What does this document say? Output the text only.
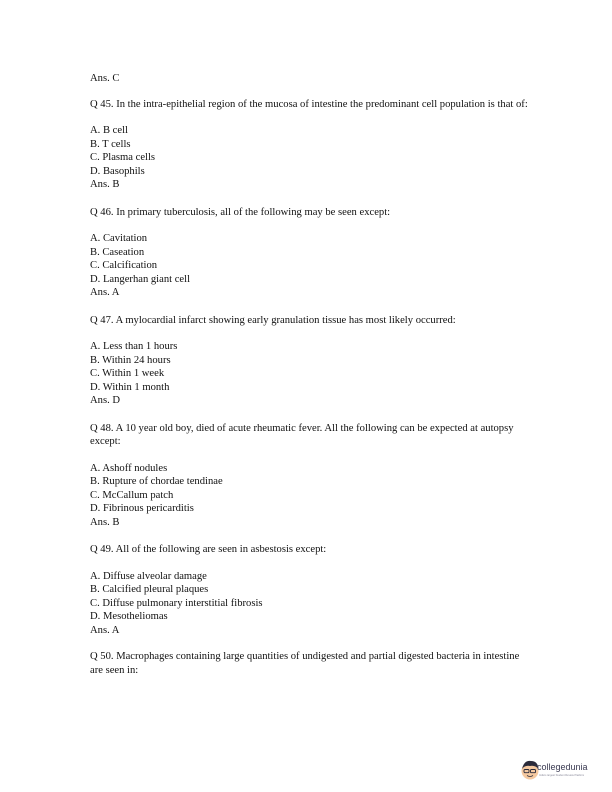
Ans. C

Q 45. In the intra-epithelial region of the mucosa of intestine the predominant cell population is that of:

A. B cell
B. T cells
C. Plasma cells
D. Basophils

Ans. B

Q 46. In primary tuberculosis, all of the following may be seen except:

A. Cavitation
B. Caseation
C. Calcification
D. Langerhan giant cell

Ans. A

Q 47. A mylocardial infarct showing early granulation tissue has most likely occurred:

A. Less than 1 hours
B. Within 24 hours
C. Within 1 week
D. Within 1 month

Ans. D

Q 48. A 10 year old boy, died of acute rheumatic fever. All the following can be expected at autopsy except:

A. Ashoff nodules
B. Rupture of chordae tendinae
C. McCallum patch
D. Fibrinous pericarditis

Ans. B

Q 49. All of the following are seen in asbestosis except:

A. Diffuse alveolar damage
B. Calcified pleural plaques
C. Diffuse pulmonary interstitial fibrosis
D. Mesotheliomas

Ans. A

Q 50. Macrophages containing large quantities of undigested and partial digested bacteria in intestine are seen in:

collegedunia
India's largest Student Review Platform
